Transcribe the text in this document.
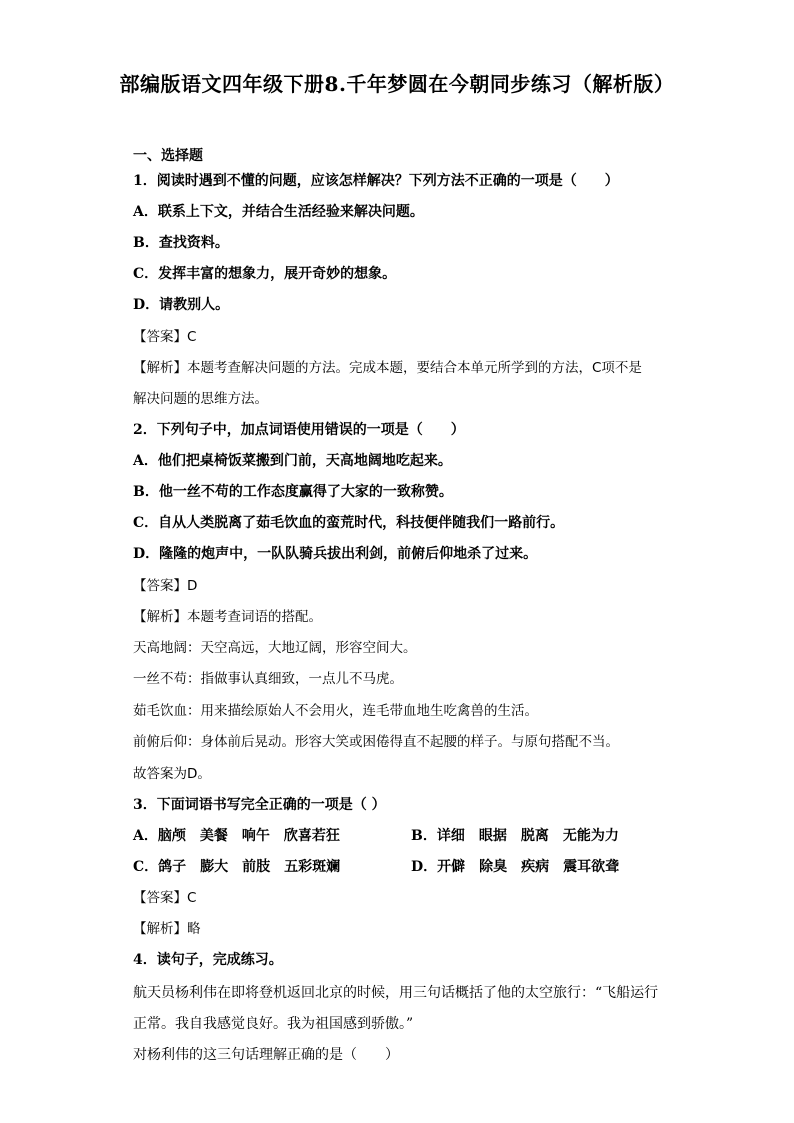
部编版语文四年级下册8.千年梦圆在今朝同步练习（解析版）
一、选择题
1．阅读时遇到不懂的问题，应该怎样解决？下列方法不正确的一项是（　　）
A．联系上下文，并结合生活经验来解决问题。
B．查找资料。
C．发挥丰富的想象力，展开奇妙的想象。
D．请教别人。
【答案】C
【解析】本题考查解决问题的方法。完成本题，要结合本单元所学到的方法，C项不是
解决问题的思维方法。
2．下列句子中，加点词语使用错误的一项是（　　）
A．他们把桌椅饭菜搬到门前，天高地阔地吃起来。
B．他一丝不苟的工作态度赢得了大家的一致称赞。
C．自从人类脱离了茹毛饮血的蛮荒时代，科技便伴随我们一路前行。
D．隆隆的炮声中，一队队骑兵拔出利剑，前俯后仰地杀了过来。
【答案】D
【解析】本题考查词语的搭配。
天高地阔：天空高远，大地辽阔，形容空间大。
一丝不苟：指做事认真细致，一点儿不马虎。
茹毛饮血：用来描绘原始人不会用火，连毛带血地生吃禽兽的生活。
前俯后仰：身体前后晃动。形容大笑或困倦得直不起腰的样子。与原句搭配不当。
故答案为D。
3．下面词语书写完全正确的一项是（ ）
A．脑颅　美餐　响午　欣喜若狂	B．详细　眼据　脱离　无能为力
C．鸽子　膨大　前肢　五彩斑斓	D．开僻　除臭　疾病　震耳欲聋
【答案】C
【解析】略
4．读句子，完成练习。
航天员杨利伟在即将登机返回北京的时候，用三句话概括了他的太空旅行：“飞船运行
正常。我自我感觉良好。我为祖国感到骄傲。”
对杨利伟的这三句话理解正确的是（　　）
